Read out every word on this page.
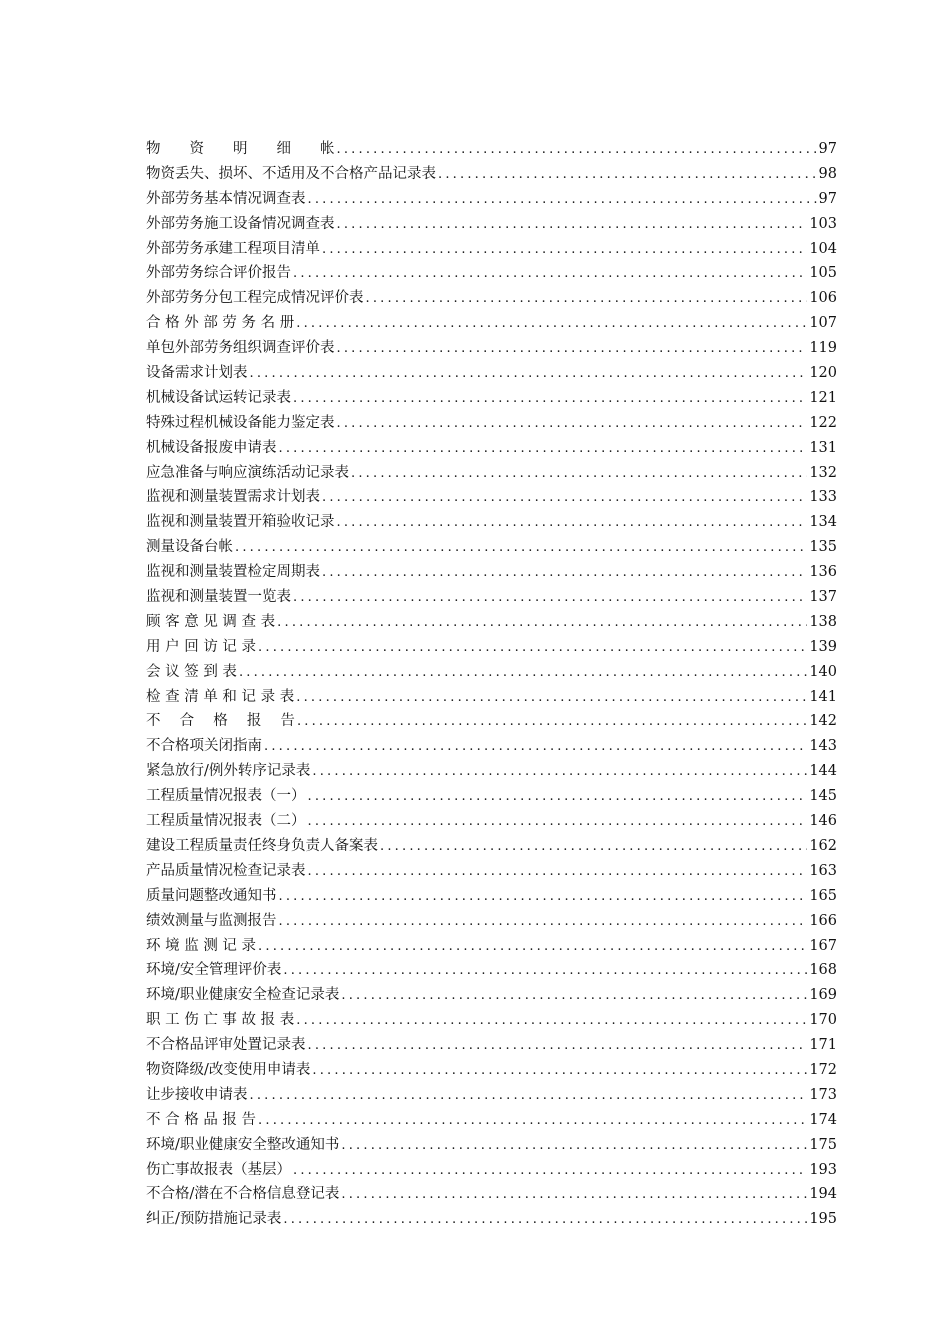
物　　资　　明　　细　　帐 .....	97
物资丢失、损坏、不适用及不合格产品记录表 .....	98
外部劳务基本情况调查表 .....	97
外部劳务施工设备情况调查表 .....	103
外部劳务承建工程项目清单 .....	104
外部劳务综合评价报告 .....	105
外部劳务分包工程完成情况评价表 .....	106
合 格 外 部 劳 务 名 册 .....	107
单包外部劳务组织调查评价表 .....	119
设备需求计划表 .....	120
机械设备试运转记录表 .....	121
特殊过程机械设备能力鉴定表 .....	122
机械设备报废申请表 .....	131
应急准备与响应演练活动记录表 .....	132
监视和测量装置需求计划表 .....	133
监视和测量装置开箱验收记录 .....	134
测量设备台帐 .....	135
监视和测量装置检定周期表 .....	136
监视和测量装置一览表 .....	137
顾 客 意 见 调 查 表 .....	138
用 户 回 访 记 录 .....	139
会 议 签 到 表 .....	140
检 查 清 单 和 记 录 表 .....	141
不　 合　 格　 报　 告 .....	142
不合格项关闭指南 .....	143
紧急放行/例外转序记录表 .....	144
工程质量情况报表（一） .....	145
工程质量情况报表（二） .....	146
建设工程质量责任终身负责人备案表 .....	162
产品质量情况检查记录表 .....	163
质量问题整改通知书 .....	165
绩效测量与监测报告 .....	166
环 境 监 测 记 录 .....	167
环境/安全管理评价表 .....	168
环境/职业健康安全检查记录表 .....	169
职 工 伤 亡 事 故 报 表 .....	170
不合格品评审处置记录表 .....	171
物资降级/改变使用申请表 .....	172
让步接收申请表 .....	173
不 合 格 品 报 告 .....	174
环境/职业健康安全整改通知书 .....	175
伤亡事故报表（基层） .....	193
不合格/潜在不合格信息登记表 .....	194
纠正/预防措施记录表 .....	195
